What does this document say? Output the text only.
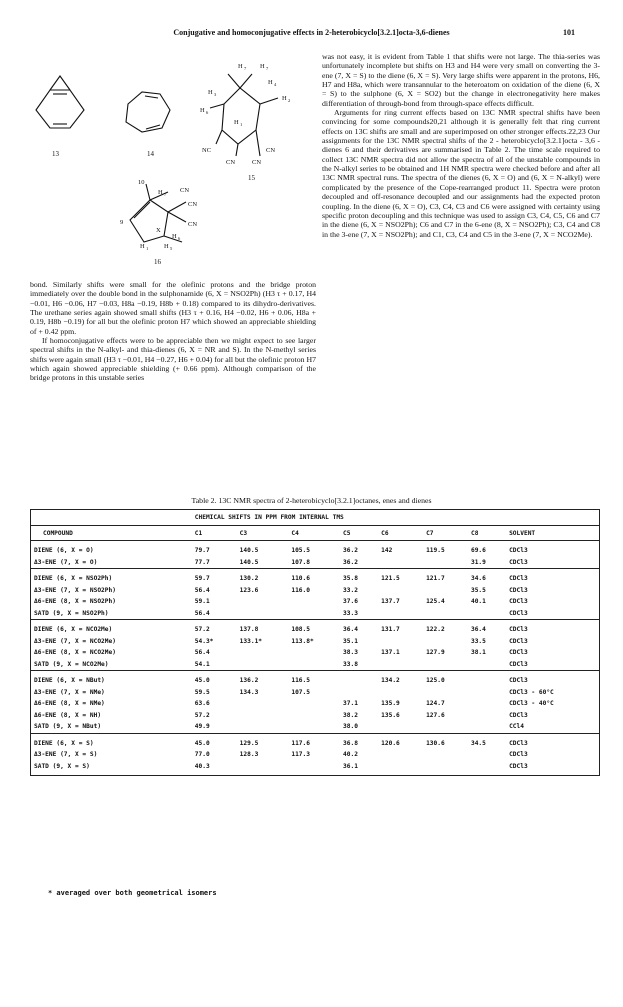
Conjugative and homoconjugative effects in 2-heterobicyclo[3.2.1]octa-3,6-dienes	101
13	14
H 7 H 7
H 4
H 3
H 2
H 1
H 6
NC	CN
CN	CN
15
10
H 7
CN
CN
CN
9
H 1
X
H 5
H 6
16

was not easy, it is evident from Table 1 that shifts were not large. The thia-series was unfortunately incomplete but shifts on H3 and H4 were very small on converting the 3-ene (7, X = S) to the diene (6, X = S). Very large shifts were apparent in the protons, H6, H7 and H8a, which were transannular to the heteroatom on oxidation of the diene (6, X = S) to the sulphone (6, X = SO2) but the change in electronegativity here makes differentiation of through-bond from through-space effects difficult.

Arguments for ring current effects based on 13C NMR spectral shifts have been convincing for some compounds20,21 although it is generally felt that ring current effects on 13C shifts are small and are superimposed on other stronger effects.22,23 Our assignments for the 13C NMR spectral shifts of the 2 - heterobicyclo[3.2.1]octa - 3,6 - dienes 6 and their derivatives are summarised in Table 2. The time scale required to collect 13C NMR spectra did not allow the spectra of all of the unstable compounds in the N-alkyl series to be obtained and 1H NMR spectra were checked before and after all 13C NMR spectral runs. The spectra of the dienes (6, X = O) and (6, X = N-alkyl) were complicated by the presence of the Cope-rearranged product 11. Spectra were proton decoupled and off-resonance decoupled and our assignments had the expected proton coupling. In the diene (6, X = O), C3, C4, C3 and C6 were assigned with certainty using specific proton decoupling and this technique was used to assign C3, C4, C5, C6 and C7 in the diene (6, X = NSO2Ph); C6 and C7 in the 6-ene (8, X = NSO2Ph); C3, C4 and C8 in the 3-ene (7, X = NSO2Ph); and C1, C3, C4 and C5 in the 3-ene (7, X = NCO2Me).

bond. Similarly shifts were small for the olefinic protons and the bridge proton immediately over the double bond in the sulphonamide (6, X = NSO2Ph) (H3 τ + 0.17, H4 −0.01, H6 −0.06, H7 −0.03, H8a −0.19, H8b + 0.18) compared to its dihydro-derivatives. The urethane series again showed small shifts (H3 τ + 0.16, H4 −0.02, H6 + 0.06, H8a + 0.19, H8b −0.19) for all but the olefinic proton H7 which showed an appreciable shielding of + 0.42 ppm.

If homoconjugative effects were to be appreciable then we might expect to see larger spectral shifts in the N-alkyl- and thia-dienes (6, X = NR and S). In the N-methyl series shifts were again small (H3 τ −0.01, H4 −0.27, H6 + 0.04) for all but the olefinic proton H7 which again showed appreciable shielding (+ 0.66 ppm). Although comparison of the bridge protons in this unstable series

Table 2. 13C NMR spectra of 2-heterobicyclo[3.2.1]octanes, enes and dienes
	CHEMICAL SHIFTS IN PPM FROM INTERNAL TMS							
COMPOUND	C1	C3	C4	C5	C6	C7	C8	SOLVENT
DIENE (6, X = O)	79.7	140.5	105.5	36.2	142	119.5	69.6	CDCl3
Δ3-ENE (7, X = O)	77.7	140.5	107.8	36.2			31.9	CDCl3
DIENE (6, X = NSO2Ph)	59.7	130.2	110.6	35.8	121.5	121.7	34.6	CDCl3
Δ3-ENE (7, X = NSO2Ph)	56.4	123.6	116.0	33.2			35.5	CDCl3
Δ6-ENE (8, X = NSO2Ph)	59.1			37.6	137.7	125.4	40.1	CDCl3
SATD (9, X = NSO2Ph)	56.4			33.3				CDCl3
DIENE (6, X = NCO2Me)	57.2	137.8	108.5	36.4	131.7	122.2	36.4	CDCl3
Δ3-ENE (7, X = NCO2Me)	54.3*	133.1*	113.8*	35.1			33.5	CDCl3
Δ6-ENE (8, X = NCO2Me)	56.4			38.3	137.1	127.9	38.1	CDCl3
SATD (9, X = NCO2Me)	54.1			33.8				CDCl3
DIENE (6, X = NBut)	45.0	136.2	116.5		134.2	125.0		CDCl3
Δ3-ENE (7, X = NMe)	59.5	134.3	107.5					CDCl3 - 60°C
Δ6-ENE (8, X = NMe)	63.6			37.1	135.9	124.7		CDCl3 - 40°C
Δ6-ENE (8, X = NH)	57.2			38.2	135.6	127.6		CDCl3
SATD (9, X = NBut)	49.9			38.0				CCl4
DIENE (6, X = S)	45.0	129.5	117.6	36.8	120.6	130.6	34.5	CDCl3
Δ3-ENE (7, X = S)	77.0	128.3	117.3	40.2				CDCl3
SATD (9, X = S)	40.3			36.1				CDCl3
* averaged over both geometrical isomers
